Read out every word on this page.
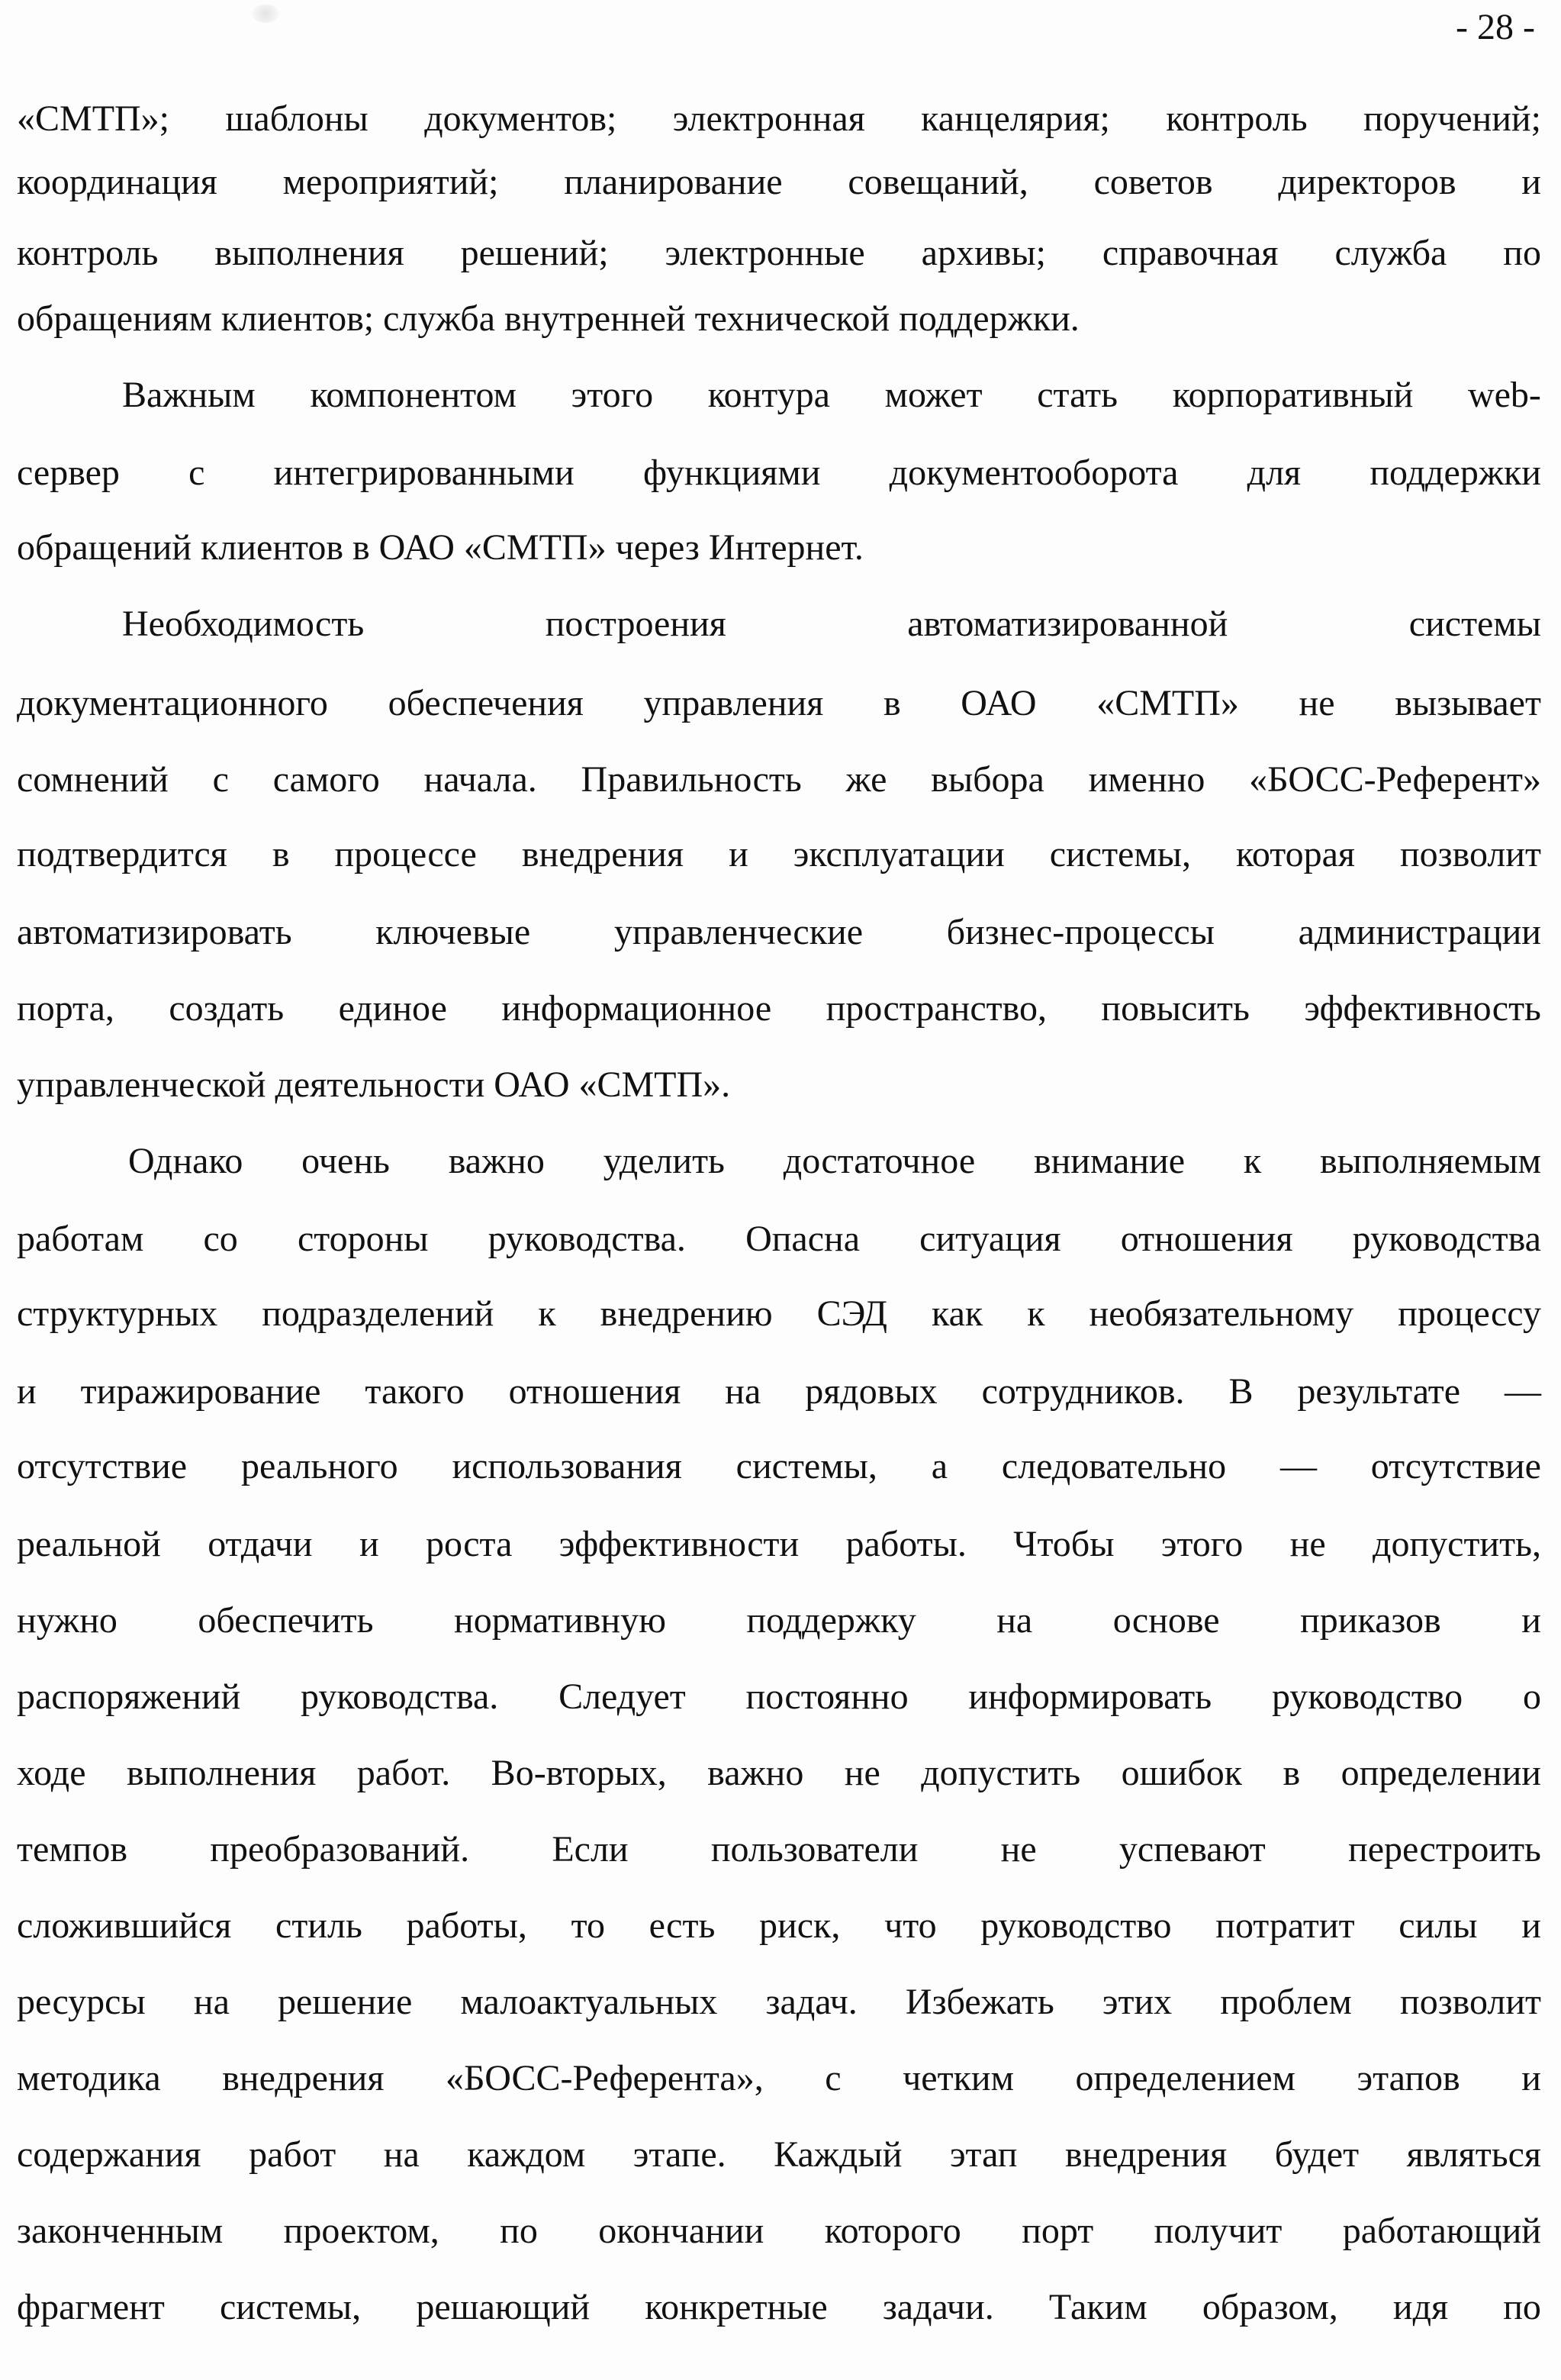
- 28 -
«СМТП»; шаблоны документов; электронная канцелярия; контроль поручений;
координация мероприятий; планирование совещаний, советов директоров и
контроль выполнения решений; электронные архивы; справочная служба по
обращениям клиентов; служба внутренней технической поддержки.
Важным компонентом этого контура может стать корпоративный web-
сервер с интегрированными функциями документооборота для поддержки
обращений клиентов в ОАО «СМТП» через Интернет.
Необходимость	построения	автоматизированной	системы
документационного обеспечения управления в ОАО «СМТП» не вызывает
сомнений с самого начала. Правильность же выбора именно «БОСС-Референт»
подтвердится в процессе внедрения и эксплуатации системы, которая позволит
автоматизировать ключевые управленческие бизнес-процессы администрации
порта, создать единое информационное пространство, повысить эффективность
управленческой деятельности ОАО «СМТП».
Однако очень важно уделить достаточное внимание к выполняемым
работам со стороны руководства. Опасна ситуация отношения руководства
структурных подразделений к внедрению СЭД как к необязательному процессу
и тиражирование такого отношения на рядовых сотрудников. В результате —
отсутствие реального использования системы, а следовательно — отсутствие
реальной отдачи и роста эффективности работы. Чтобы этого не допустить,
нужно обеспечить нормативную поддержку на основе приказов и
распоряжений руководства. Следует постоянно информировать руководство о
ходе выполнения работ. Во-вторых, важно не допустить ошибок в определении
темпов преобразований. Если пользователи не успевают перестроить
сложившийся стиль работы, то есть риск, что руководство потратит силы и
ресурсы на решение малоактуальных задач. Избежать этих проблем позволит
методика внедрения «БОСС-Референта», с четким определением этапов и
содержания работ на каждом этапе. Каждый этап внедрения будет являться
законченным проектом, по окончании которого порт получит работающий
фрагмент системы, решающий конкретные задачи. Таким образом, идя по
